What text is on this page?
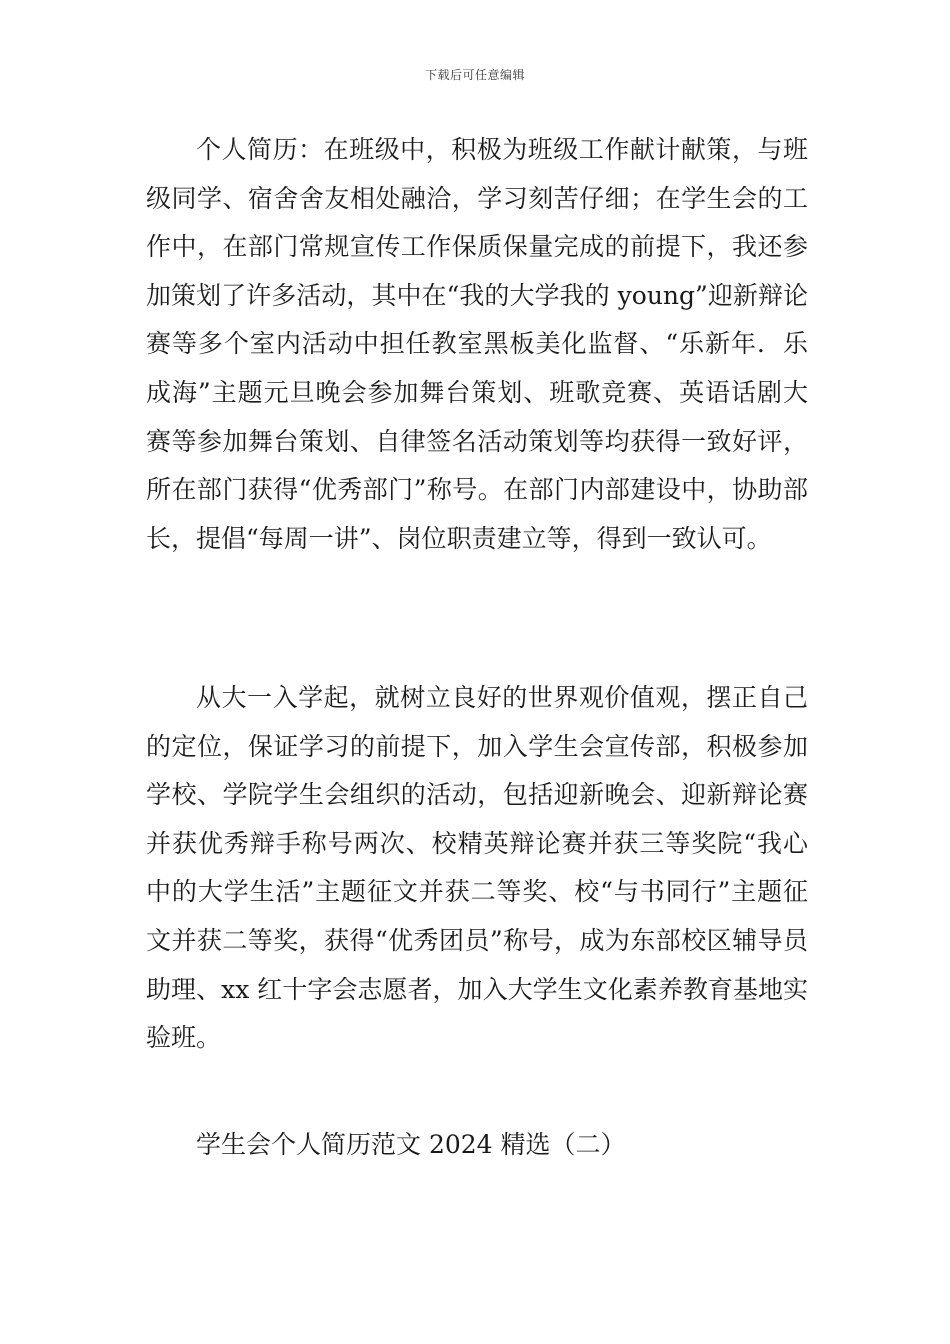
下载后可任意编辑

个人简历：在班级中，积极为班级工作献计献策，与班级同学、宿舍舍友相处融洽，学习刻苦仔细；在学生会的工作中，在部门常规宣传工作保质保量完成的前提下，我还参加策划了许多活动，其中在“我的大学我的 young”迎新辩论赛等多个室内活动中担任教室黑板美化监督、“乐新年．乐成海”主题元旦晚会参加舞台策划、班歌竞赛、英语话剧大赛等参加舞台策划、自律签名活动策划等均获得一致好评，所在部门获得“优秀部门”称号。在部门内部建设中，协助部长，提倡“每周一讲”、岗位职责建立等，得到一致认可。

从大一入学起，就树立良好的世界观价值观，摆正自己的定位，保证学习的前提下，加入学生会宣传部，积极参加学校、学院学生会组织的活动，包括迎新晚会、迎新辩论赛并获优秀辩手称号两次、校精英辩论赛并获三等奖院“我心中的大学生活”主题征文并获二等奖、校“与书同行”主题征文并获二等奖，获得“优秀团员”称号，成为东部校区辅导员助理、xx 红十字会志愿者，加入大学生文化素养教育基地实验班。

学生会个人简历范文 2024 精选（二）
